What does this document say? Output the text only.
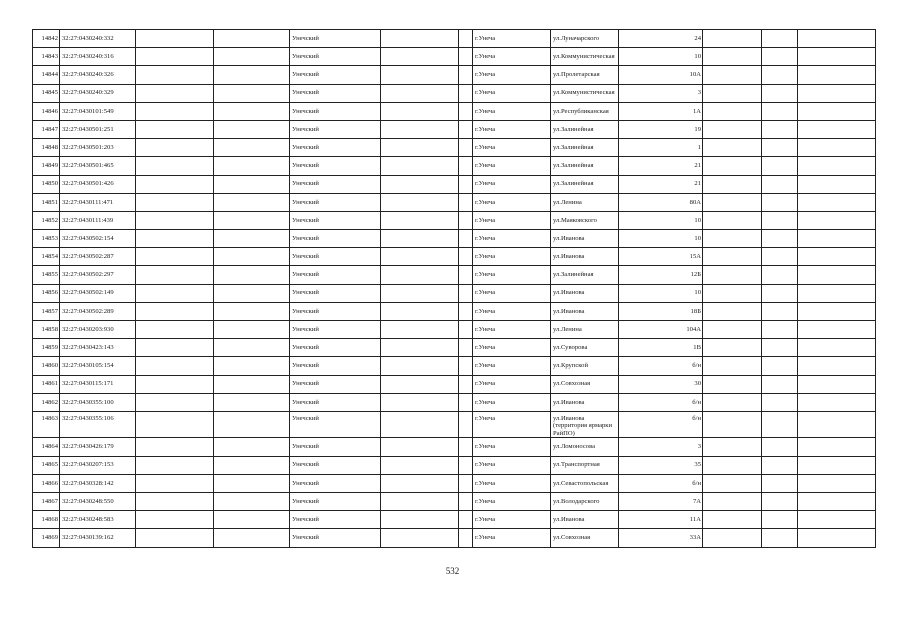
14842	32:27:0430240:332			Унечский			г.Унеча	ул.Луначарского	24			
14843	32:27:0430240:316			Унечский			г.Унеча	ул.Коммунистическая	10			
14844	32:27:0430240:326			Унечский			г.Унеча	ул.Пролетарская	10А			
14845	32:27:0430240:329			Унечский			г.Унеча	ул.Коммунистическая	3			
14846	32:27:0430101:549			Унечский			г.Унеча	ул.Республиканская	1А			
14847	32:27:0430501:251			Унечский			г.Унеча	ул.Залинейная	19			
14848	32:27:0430501:203			Унечский			г.Унеча	ул.Залинейная	1			
14849	32:27:0430501:465			Унечский			г.Унеча	ул.Залинейная	21			
14850	32:27:0430501:426			Унечский			г.Унеча	ул.Залинейная	21			
14851	32:27:0430111:471			Унечский			г.Унеча	ул.Ленина	80А			
14852	32:27:0430111:439			Унечский			г.Унеча	ул.Маяковского	10			
14853	32:27:0430502:154			Унечский			г.Унеча	ул.Иванова	10			
14854	32:27:0430502:287			Унечский			г.Унеча	ул.Иванова	15А			
14855	32:27:0430502:297			Унечский			г.Унеча	ул.Залинейная	12Б			
14856	32:27:0430502:149			Унечский			г.Унеча	ул.Иванова	10			
14857	32:27:0430502:289			Унечский			г.Унеча	ул.Иванова	18Б			
14858	32:27:0430203:930			Унечский			г.Унеча	ул.Ленина	104А			
14859	32:27:0430423:143			Унечский			г.Унеча	ул.Суворова	1В			
14860	32:27:0430105:154			Унечский			г.Унеча	ул.Крупской	б/н			
14861	32:27:0430115:171			Унечский			г.Унеча	ул.Совхозная	30			
14862	32:27:0430355:100			Унечский			г.Унеча	ул.Иванова	б/н			
14863	32:27:0430355:106			Унечский			г.Унеча	ул.Иванова (территория ярмарки РайПО)	б/н			
14864	32:27:0430426:179			Унечский			г.Унеча	ул.Ломоносова	3			
14865	32:27:0430207:153			Унечский			г.Унеча	ул.Транспортная	35			
14866	32:27:0430328:142			Унечский			г.Унеча	ул.Севастопольская	б/н			
14867	32:27:0430248:550			Унечский			г.Унеча	ул.Володарского	7А			
14868	32:27:0430248:583			Унечский			г.Унеча	ул.Иванова	11А			
14869	32:27:0430139:162			Унечский			г.Унеча	ул.Совхозная	33А			
532
